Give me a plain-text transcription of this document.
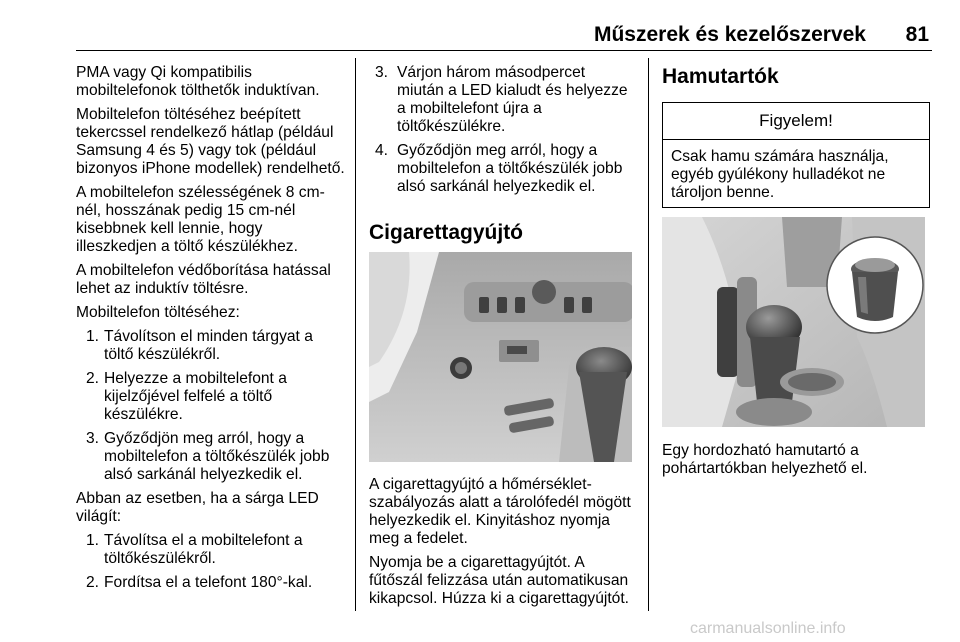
Műszerek és kezelőszervek 81

PMA vagy Qi kompatibilis mobiltelefonok tölthetők induktívan.

Mobiltelefon töltéséhez beépített tekercssel rendelkező hátlap (például Samsung 4 és 5) vagy tok (például bizonyos iPhone modellek) rendelhető.

A mobiltelefon szélességének 8 cm-nél, hosszának pedig 15 cm-nél kisebbnek kell lennie, hogy illeszkedjen a töltő készülékhez.

A mobiltelefon védőborítása hatással lehet az induktív töltésre.

Mobiltelefon töltéséhez:

1. Távolítson el minden tárgyat a töltő készülékről.
2. Helyezze a mobiltelefont a kijelzőjével felfelé a töltő készülékre.
3. Győződjön meg arról, hogy a mobiltelefon a töltőkészülék jobb alsó sarkánál helyezkedik el.

Abban az esetben, ha a sárga LED világít:

1. Távolítsa el a mobiltelefont a töltőkészülékről.
2. Fordítsa el a telefont 180°-kal.
3. Várjon három másodpercet miután a LED kialudt és helyezze a mobiltelefont újra a töltőkészülékre.
4. Győződjön meg arról, hogy a mobiltelefon a töltőkészülék jobb alsó sarkánál helyezkedik el.
Cigarettagyújtó

A cigarettagyújtó a hőmérséklet-szabályozás alatt a tárolófedél mögött helyezkedik el. Kinyitáshoz nyomja meg a fedelet.

Nyomja be a cigarettagyújtót. A fűtőszál felizzása után automatikusan kikapcsol. Húzza ki a cigarettagyújtót.

Hamutartók
Figyelem!
Csak hamu számára használja, egyéb gyúlékony hulladékot ne tároljon benne.
Egy hordozható hamutartó a pohártartókban helyezhető el.
carmanualsonline.info
